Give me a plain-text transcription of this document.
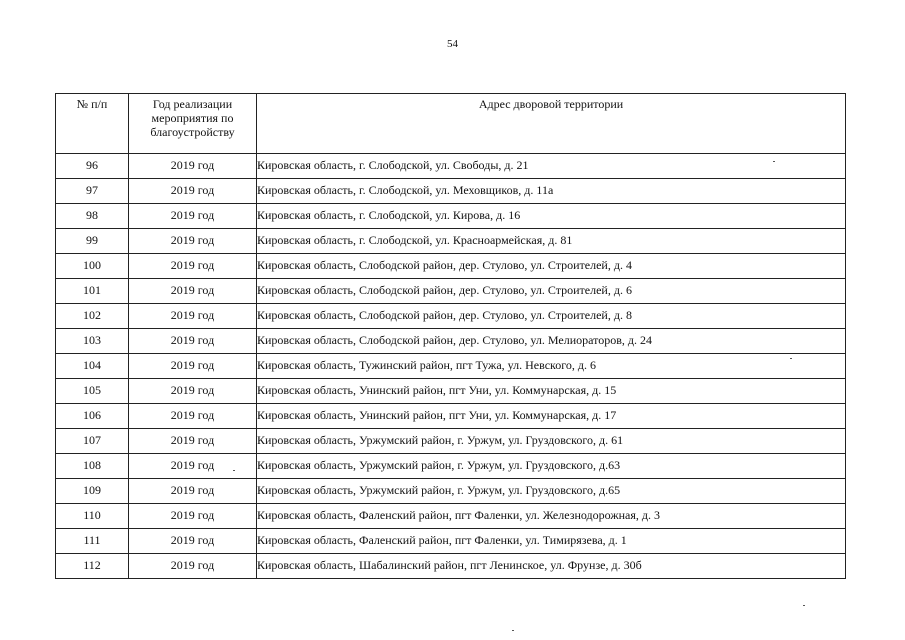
54
№ п/п	Год реализации мероприятия по благоустройству	Адрес дворовой территории
96	2019 год	Кировская область, г. Слободской, ул. Свободы, д. 21
97	2019 год	Кировская область, г. Слободской, ул. Меховщиков, д. 11а
98	2019 год	Кировская область, г. Слободской, ул. Кирова, д. 16
99	2019 год	Кировская область, г. Слободской, ул. Красноармейская, д. 81
100	2019 год	Кировская область, Слободской район, дер. Стулово, ул. Строителей, д. 4
101	2019 год	Кировская область, Слободской район, дер. Стулово, ул. Строителей, д. 6
102	2019 год	Кировская область, Слободской район, дер. Стулово, ул. Строителей, д. 8
103	2019 год	Кировская область, Слободской район, дер. Стулово, ул. Мелиораторов, д. 24
104	2019 год	Кировская область, Тужинский район, пгт Тужа, ул. Невского, д. 6
105	2019 год	Кировская область, Унинский район, пгт Уни, ул. Коммунарская, д. 15
106	2019 год	Кировская область, Унинский район, пгт Уни, ул. Коммунарская, д. 17
107	2019 год	Кировская область, Уржумский район, г. Уржум, ул. Груздовского, д. 61
108	2019 год	Кировская область, Уржумский район, г. Уржум, ул. Груздовского, д.63
109	2019 год	Кировская область, Уржумский район, г. Уржум, ул. Груздовского, д.65
110	2019 год	Кировская область, Фаленский район, пгт Фаленки, ул. Железнодорожная, д. 3
111	2019 год	Кировская область, Фаленский район, пгт Фаленки, ул. Тимирязева, д. 1
112	2019 год	Кировская область, Шабалинский район, пгт Ленинское, ул. Фрунзе, д. 30б
